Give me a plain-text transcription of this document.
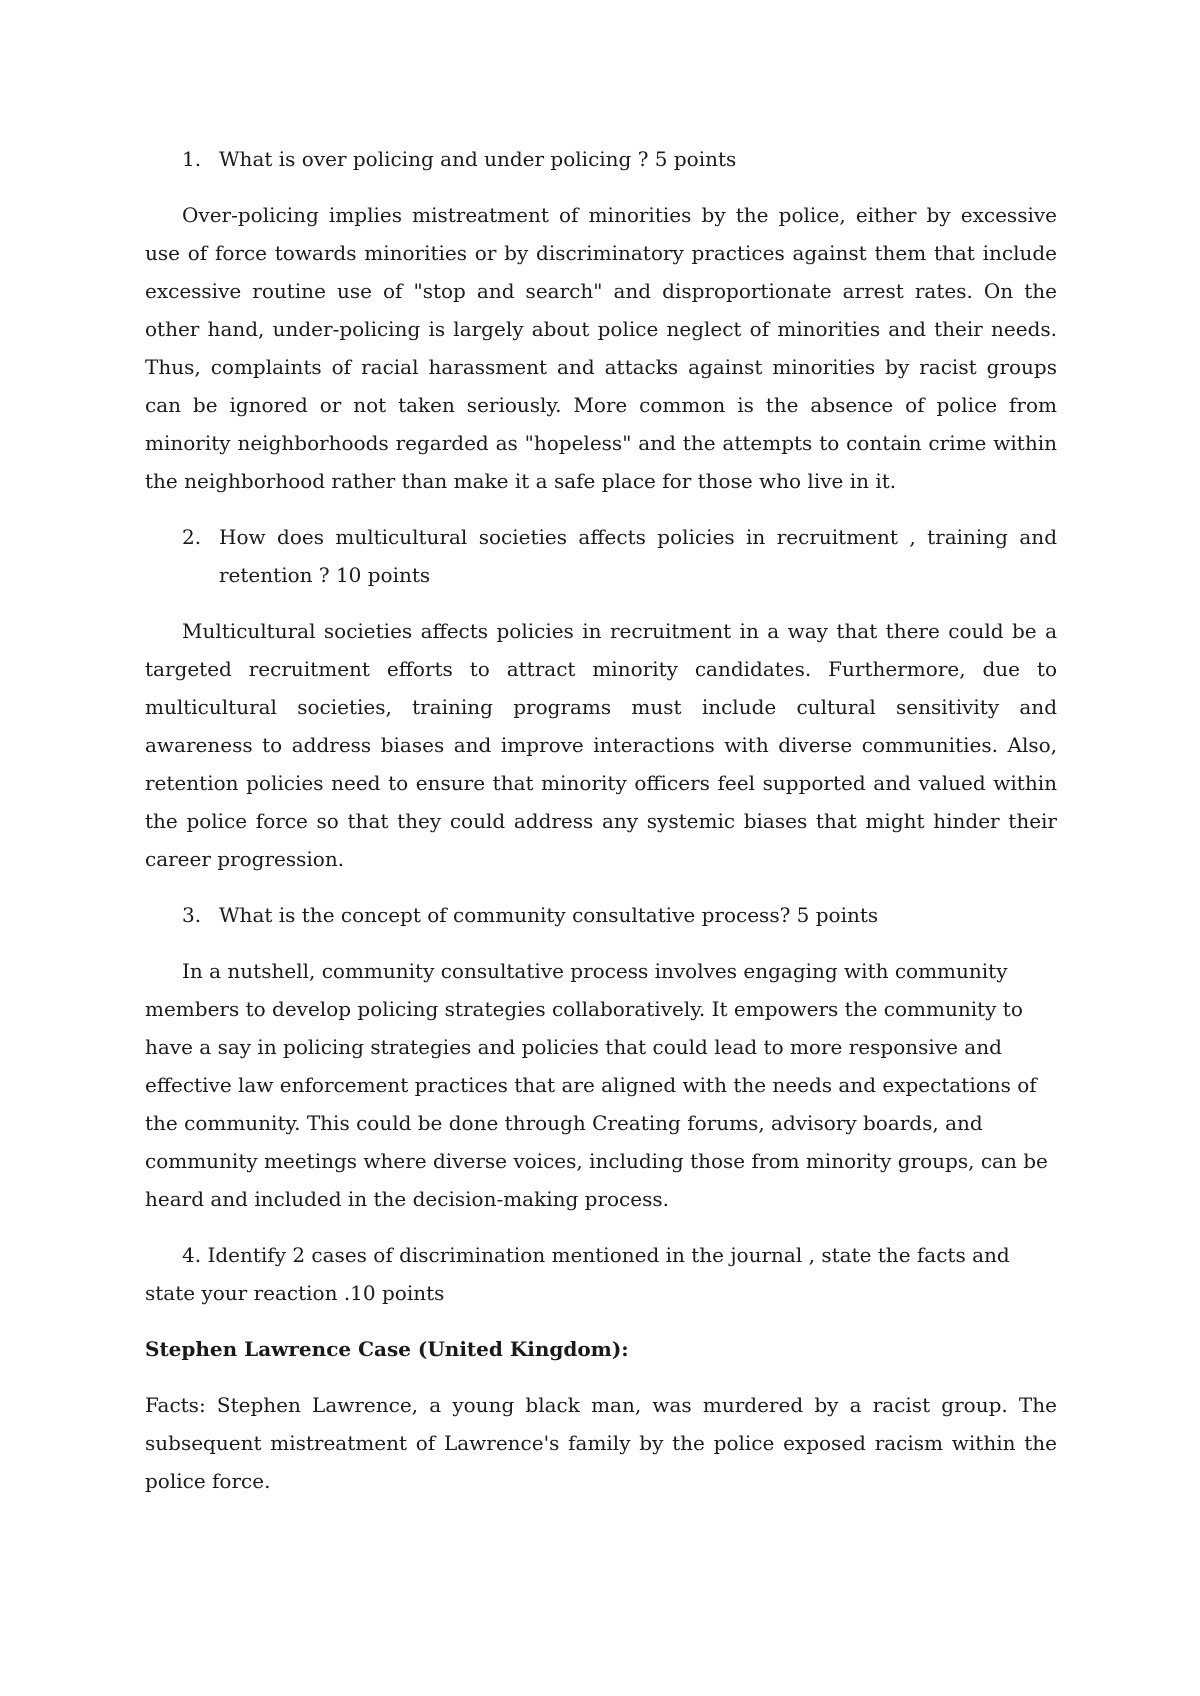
1. What is over policing and under policing ? 5 points

Over-policing implies mistreatment of minorities by the police, either by excessive use of force towards minorities or by discriminatory practices against them that include excessive routine use of "stop and search" and disproportionate arrest rates. On the other hand, under-policing is largely about police neglect of minorities and their needs. Thus, complaints of racial harassment and attacks against minorities by racist groups can be ignored or not taken seriously. More common is the absence of police from minority neighborhoods regarded as "hopeless" and the attempts to contain crime within the neighborhood rather than make it a safe place for those who live in it.

2. How does multicultural societies affects policies in recruitment , training and retention ? 10 points

Multicultural societies affects policies in recruitment in a way that there could be a targeted recruitment efforts to attract minority candidates. Furthermore, due to multicultural societies, training programs must include cultural sensitivity and awareness to address biases and improve interactions with diverse communities. Also, retention policies need to ensure that minority officers feel supported and valued within the police force so that they could address any systemic biases that might hinder their career progression.

3. What is the concept of community consultative process? 5 points

In a nutshell, community consultative process involves engaging with community members to develop policing strategies collaboratively. It empowers the community to have a say in policing strategies and policies that could lead to more responsive and effective law enforcement practices that are aligned with the needs and expectations of the community. This could be done through Creating forums, advisory boards, and community meetings where diverse voices, including those from minority groups, can be heard and included in the decision-making process.

4. Identify 2 cases of discrimination mentioned in the journal , state the facts and state your reaction .10 points

Stephen Lawrence Case (United Kingdom):

Facts: Stephen Lawrence, a young black man, was murdered by a racist group. The subsequent mistreatment of Lawrence's family by the police exposed racism within the police force.
